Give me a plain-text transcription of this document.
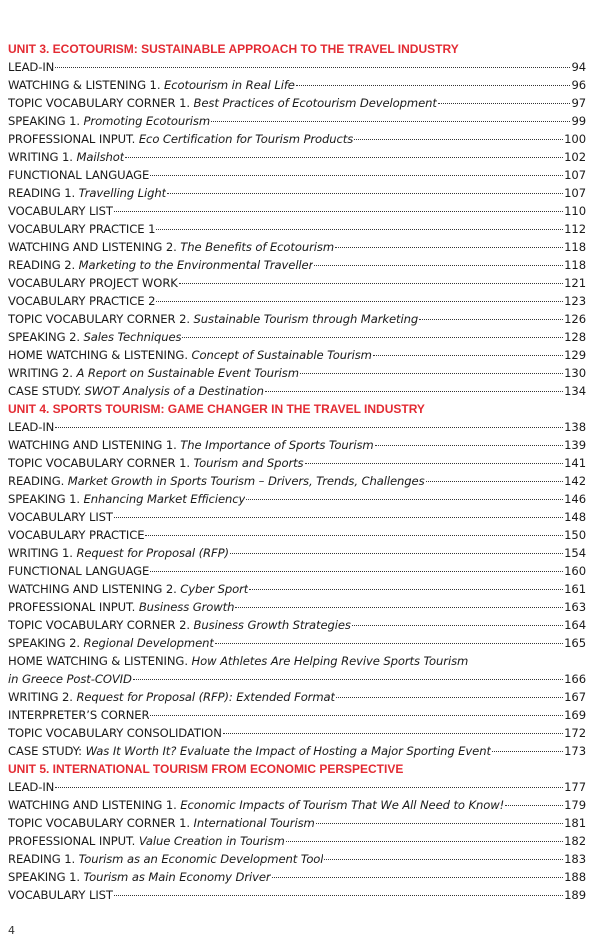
UNIT 3. ECOTOURISM: SUSTAINABLE APPROACH TO THE TRAVEL INDUSTRY
LEAD-IN	94
WATCHING & LISTENING 1. Ecotourism in Real Life	96
TOPIC VOCABULARY CORNER 1. Best Practices of Ecotourism Development	97
SPEAKING 1. Promoting Ecotourism	99
PROFESSIONAL INPUT. Eco Certification for Tourism Products	100
WRITING 1. Mailshot	102
FUNCTIONAL LANGUAGE	107
READING 1. Travelling Light	107
VOCABULARY LIST	110
VOCABULARY PRACTICE 1	112
WATCHING AND LISTENING 2. The Benefits of Ecotourism	118
READING 2. Marketing to the Environmental Traveller	118
VOCABULARY PROJECT WORK	121
VOCABULARY PRACTICE 2	123
TOPIC VOCABULARY CORNER 2. Sustainable Tourism through Marketing	126
SPEAKING 2. Sales Techniques	128
HOME WATCHING & LISTENING. Concept of Sustainable Tourism	129
WRITING 2. A Report on Sustainable Event Tourism	130
CASE STUDY. SWOT Analysis of a Destination	134
UNIT 4. SPORTS TOURISM: GAME CHANGER IN THE TRAVEL INDUSTRY
LEAD-IN	138
WATCHING AND LISTENING 1. The Importance of Sports Tourism	139
TOPIC VOCABULARY CORNER 1. Tourism and Sports	141
READING. Market Growth in Sports Tourism – Drivers, Trends, Challenges	142
SPEAKING 1. Enhancing Market Efficiency	146
VOCABULARY LIST	148
VOCABULARY PRACTICE	150
WRITING 1. Request for Proposal (RFP)	154
FUNCTIONAL LANGUAGE	160
WATCHING AND LISTENING 2. Cyber Sport	161
PROFESSIONAL INPUT. Business Growth	163
TOPIC VOCABULARY CORNER 2. Business Growth Strategies	164
SPEAKING 2. Regional Development	165
HOME WATCHING & LISTENING. How Athletes Are Helping Revive Sports Tourism
in Greece Post-COVID	166
WRITING 2. Request for Proposal (RFP): Extended Format	167
INTERPRETER’S CORNER	169
TOPIC VOCABULARY CONSOLIDATION	172
CASE STUDY: Was It Worth It? Evaluate the Impact of Hosting a Major Sporting Event	173
UNIT 5. INTERNATIONAL TOURISM FROM ECONOMIC PERSPECTIVE
LEAD-IN	177
WATCHING AND LISTENING 1. Economic Impacts of Tourism That We All Need to Know!	179
TOPIC VOCABULARY CORNER 1. International Tourism	181
PROFESSIONAL INPUT. Value Creation in Tourism	182
READING 1. Tourism as an Economic Development Tool	183
SPEAKING 1. Tourism as Main Economy Driver	188
VOCABULARY LIST	189
4
